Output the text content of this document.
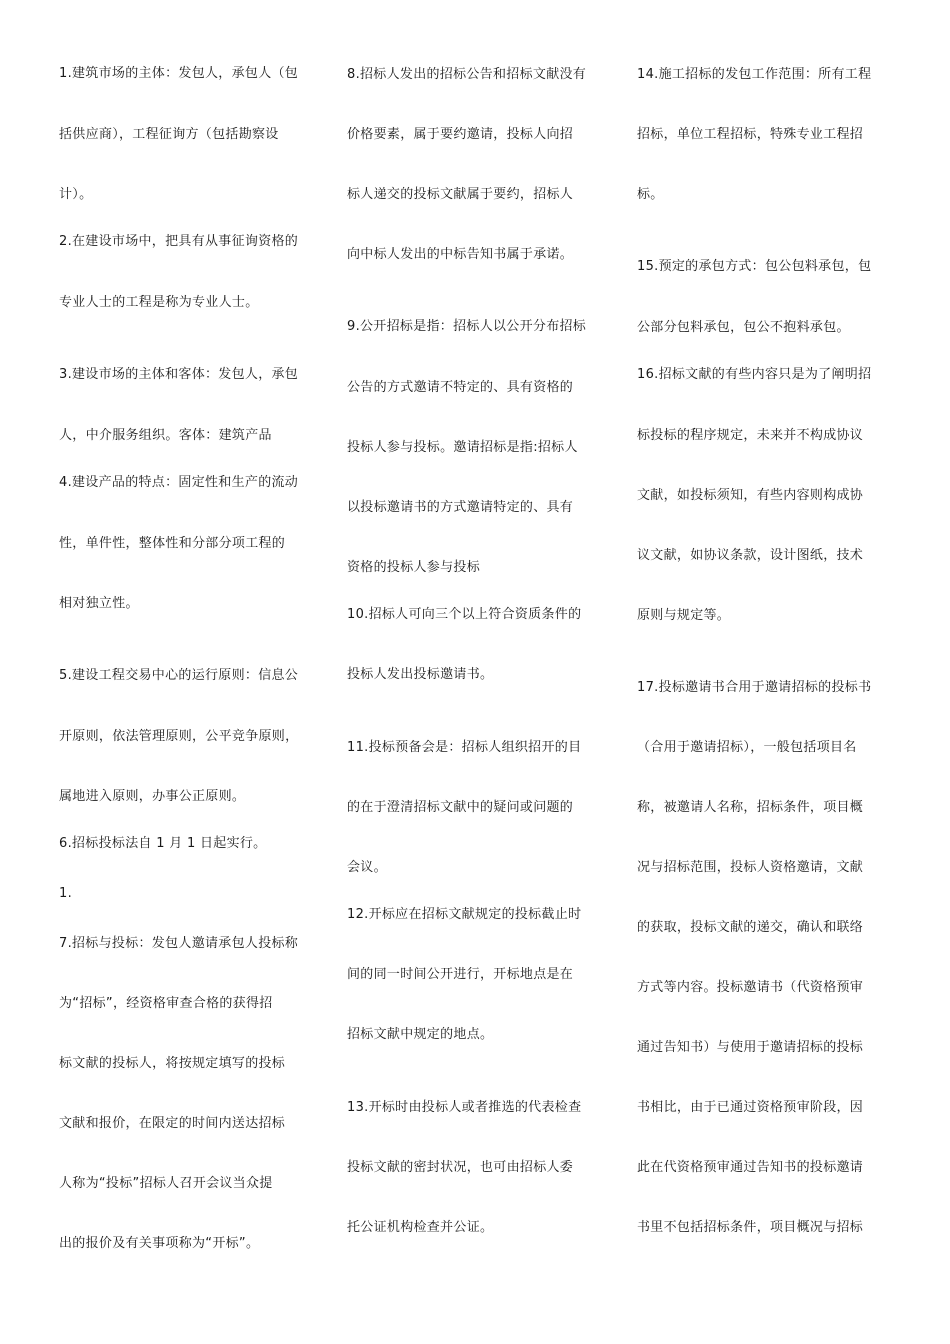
1.建筑市场的主体：发包人，承包人（包
括供应商），工程征询方（包括勘察设
计）。
2.在建设市场中，把具有从事征询资格的
专业人士的工程是称为专业人士。
3.建设市场的主体和客体：发包人，承包
人，中介服务组织。客体：建筑产品
4.建设产品的特点：固定性和生产的流动
性，单件性，整体性和分部分项工程的
相对独立性。
5.建设工程交易中心的运行原则：信息公
开原则，依法管理原则，公平竞争原则，
属地进入原则，办事公正原则。
6.招标投标法自 1 月 1 日起实行。
1.
7.招标与投标：发包人邀请承包人投标称
为“招标”，经资格审查合格的获得招
标文献的投标人，将按规定填写的投标
文献和报价，在限定的时间内送达招标
人称为“投标”招标人召开会议当众提
出的报价及有关事项称为“开标”。
8.招标人发出的招标公告和招标文献没有
价格要素，属于要约邀请，投标人向招
标人递交的投标文献属于要约，招标人
向中标人发出的中标告知书属于承诺。
9.公开招标是指：招标人以公开分布招标
公告的方式邀请不特定的、具有资格的
投标人参与投标。邀请招标是指:招标人
以投标邀请书的方式邀请特定的、具有
资格的投标人参与投标
10.招标人可向三个以上符合资质条件的
投标人发出投标邀请书。
11.投标预备会是：招标人组织招开的目
的在于澄清招标文献中的疑问或问题的
会议。
12.开标应在招标文献规定的投标截止时
间的同一时间公开进行，开标地点是在
招标文献中规定的地点。
13.开标时由投标人或者推选的代表检查
投标文献的密封状况，也可由招标人委
托公证机构检查并公证。
14.施工招标的发包工作范围：所有工程
招标，单位工程招标，特殊专业工程招
标。
15.预定的承包方式：包公包料承包，包
公部分包料承包，包公不抱料承包。
16.招标文献的有些内容只是为了阐明招
标投标的程序规定，未来并不构成协议
文献，如投标须知，有些内容则构成协
议文献，如协议条款，设计图纸，技术
原则与规定等。
17.投标邀请书合用于邀请招标的投标书
（合用于邀请招标），一般包括项目名
称，被邀请人名称，招标条件，项目概
况与招标范围，投标人资格邀请，文献
的获取，投标文献的递交，确认和联络
方式等内容。投标邀请书（代资格预审
通过告知书）与使用于邀请招标的投标
书相比，由于已通过资格预审阶段，因
此在代资格预审通过告知书的投标邀请
书里不包括招标条件，项目概况与招标
